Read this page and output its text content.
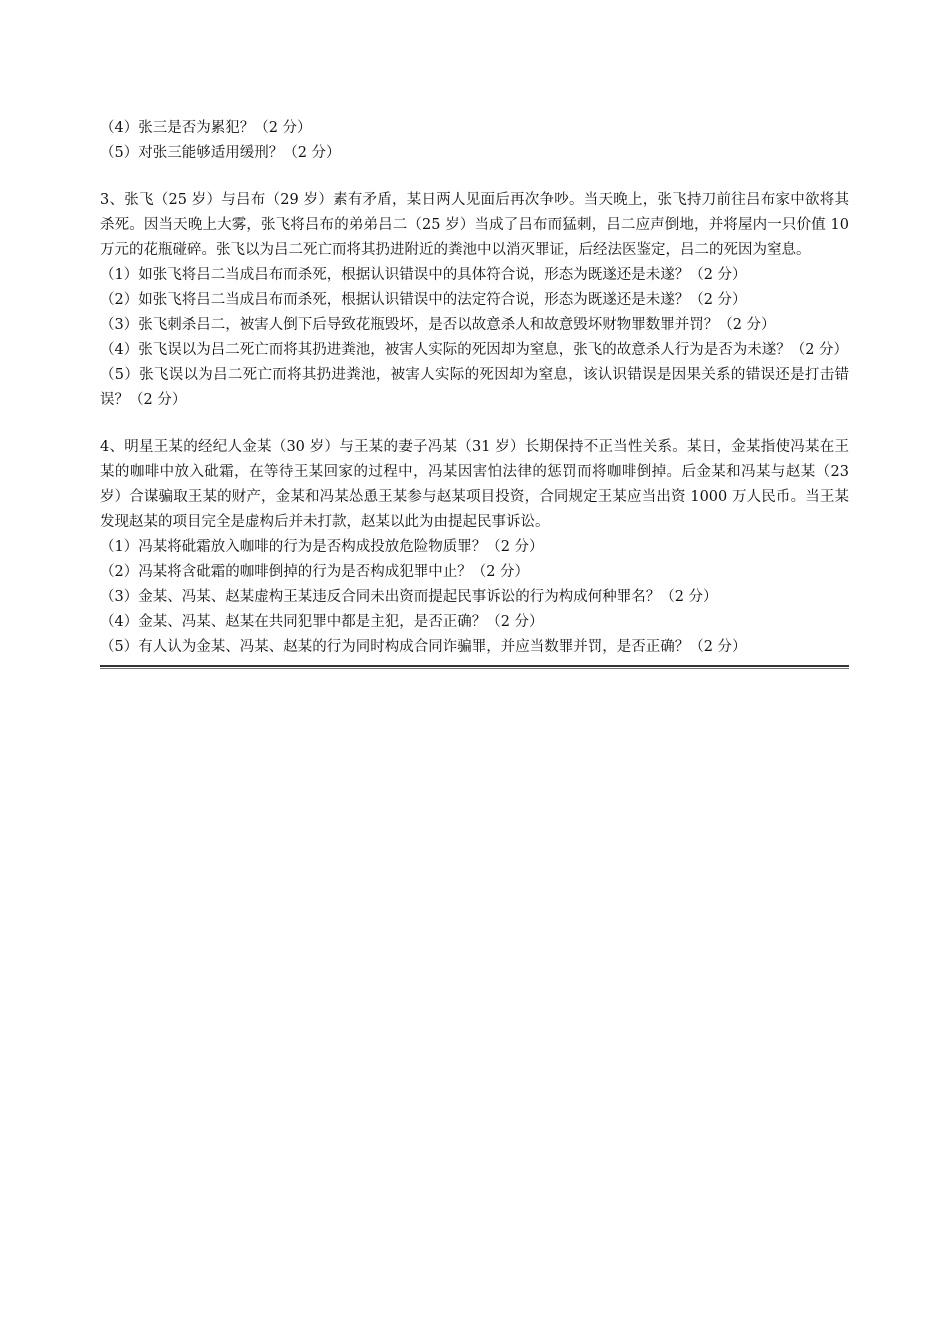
（4）张三是否为累犯？（2 分）
（5）对张三能够适用缓刑？（2 分）
3、张飞（25 岁）与吕布（29 岁）素有矛盾，某日两人见面后再次争吵。当天晚上，张飞持刀前往吕布家中欲将其杀死。因当天晚上大雾，张飞将吕布的弟弟吕二（25 岁）当成了吕布而猛刺，吕二应声倒地，并将屋内一只价值 10 万元的花瓶碰碎。张飞以为吕二死亡而将其扔进附近的粪池中以消灭罪证，后经法医鉴定，吕二的死因为窒息。
（1）如张飞将吕二当成吕布而杀死，根据认识错误中的具体符合说，形态为既遂还是未遂？（2 分）
（2）如张飞将吕二当成吕布而杀死，根据认识错误中的法定符合说，形态为既遂还是未遂？（2 分）
（3）张飞刺杀吕二，被害人倒下后导致花瓶毁坏，是否以故意杀人和故意毁坏财物罪数罪并罚？（2 分）
（4）张飞误以为吕二死亡而将其扔进粪池，被害人实际的死因却为窒息，张飞的故意杀人行为是否为未遂？（2 分）
（5）张飞误以为吕二死亡而将其扔进粪池，被害人实际的死因却为窒息，该认识错误是因果关系的错误还是打击错误？（2 分）
4、明星王某的经纪人金某（30 岁）与王某的妻子冯某（31 岁）长期保持不正当性关系。某日，金某指使冯某在王某的咖啡中放入砒霜，在等待王某回家的过程中，冯某因害怕法律的惩罚而将咖啡倒掉。后金某和冯某与赵某（23 岁）合谋骗取王某的财产，金某和冯某怂恿王某参与赵某项目投资，合同规定王某应当出资 1000 万人民币。当王某发现赵某的项目完全是虚构后并未打款，赵某以此为由提起民事诉讼。
（1）冯某将砒霜放入咖啡的行为是否构成投放危险物质罪？（2 分）
（2）冯某将含砒霜的咖啡倒掉的行为是否构成犯罪中止？（2 分）
（3）金某、冯某、赵某虚构王某违反合同未出资而提起民事诉讼的行为构成何种罪名？（2 分）
（4）金某、冯某、赵某在共同犯罪中都是主犯，是否正确？（2 分）
（5）有人认为金某、冯某、赵某的行为同时构成合同诈骗罪，并应当数罪并罚，是否正确？（2 分）
